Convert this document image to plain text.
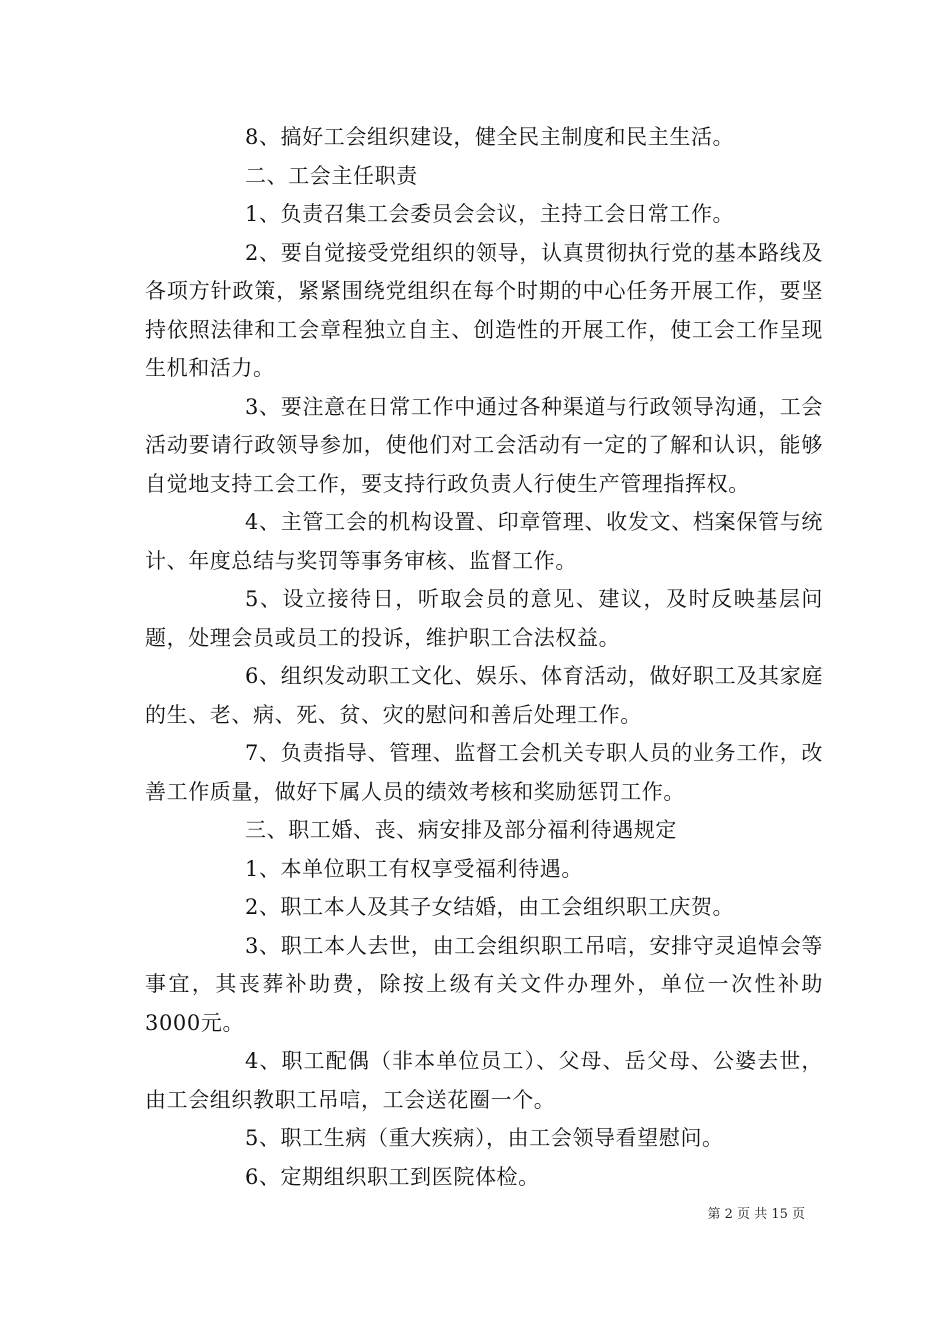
8、搞好工会组织建设，健全民主制度和民主生活。

二、工会主任职责

1、负责召集工会委员会会议，主持工会日常工作。

2、要自觉接受党组织的领导，认真贯彻执行党的基本路线及各项方针政策，紧紧围绕党组织在每个时期的中心任务开展工作，要坚持依照法律和工会章程独立自主、创造性的开展工作，使工会工作呈现生机和活力。

3、要注意在日常工作中通过各种渠道与行政领导沟通，工会活动要请行政领导参加，使他们对工会活动有一定的了解和认识，能够自觉地支持工会工作，要支持行政负责人行使生产管理指挥权。

4、主管工会的机构设置、印章管理、收发文、档案保管与统计、年度总结与奖罚等事务审核、监督工作。

5、设立接待日，听取会员的意见、建议，及时反映基层问题，处理会员或员工的投诉，维护职工合法权益。

6、组织发动职工文化、娱乐、体育活动，做好职工及其家庭的生、老、病、死、贫、灾的慰问和善后处理工作。

7、负责指导、管理、监督工会机关专职人员的业务工作，改善工作质量，做好下属人员的绩效考核和奖励惩罚工作。

三、职工婚、丧、病安排及部分福利待遇规定

1、本单位职工有权享受福利待遇。

2、职工本人及其子女结婚，由工会组织职工庆贺。

3、职工本人去世，由工会组织职工吊唁，安排守灵追悼会等事宜，其丧葬补助费，除按上级有关文件办理外，单位一次性补助3000元。

4、职工配偶（非本单位员工）、父母、岳父母、公婆去世，由工会组织教职工吊唁，工会送花圈一个。

5、职工生病（重大疾病），由工会领导看望慰问。

6、定期组织职工到医院体检。

第 2 页 共 15 页
